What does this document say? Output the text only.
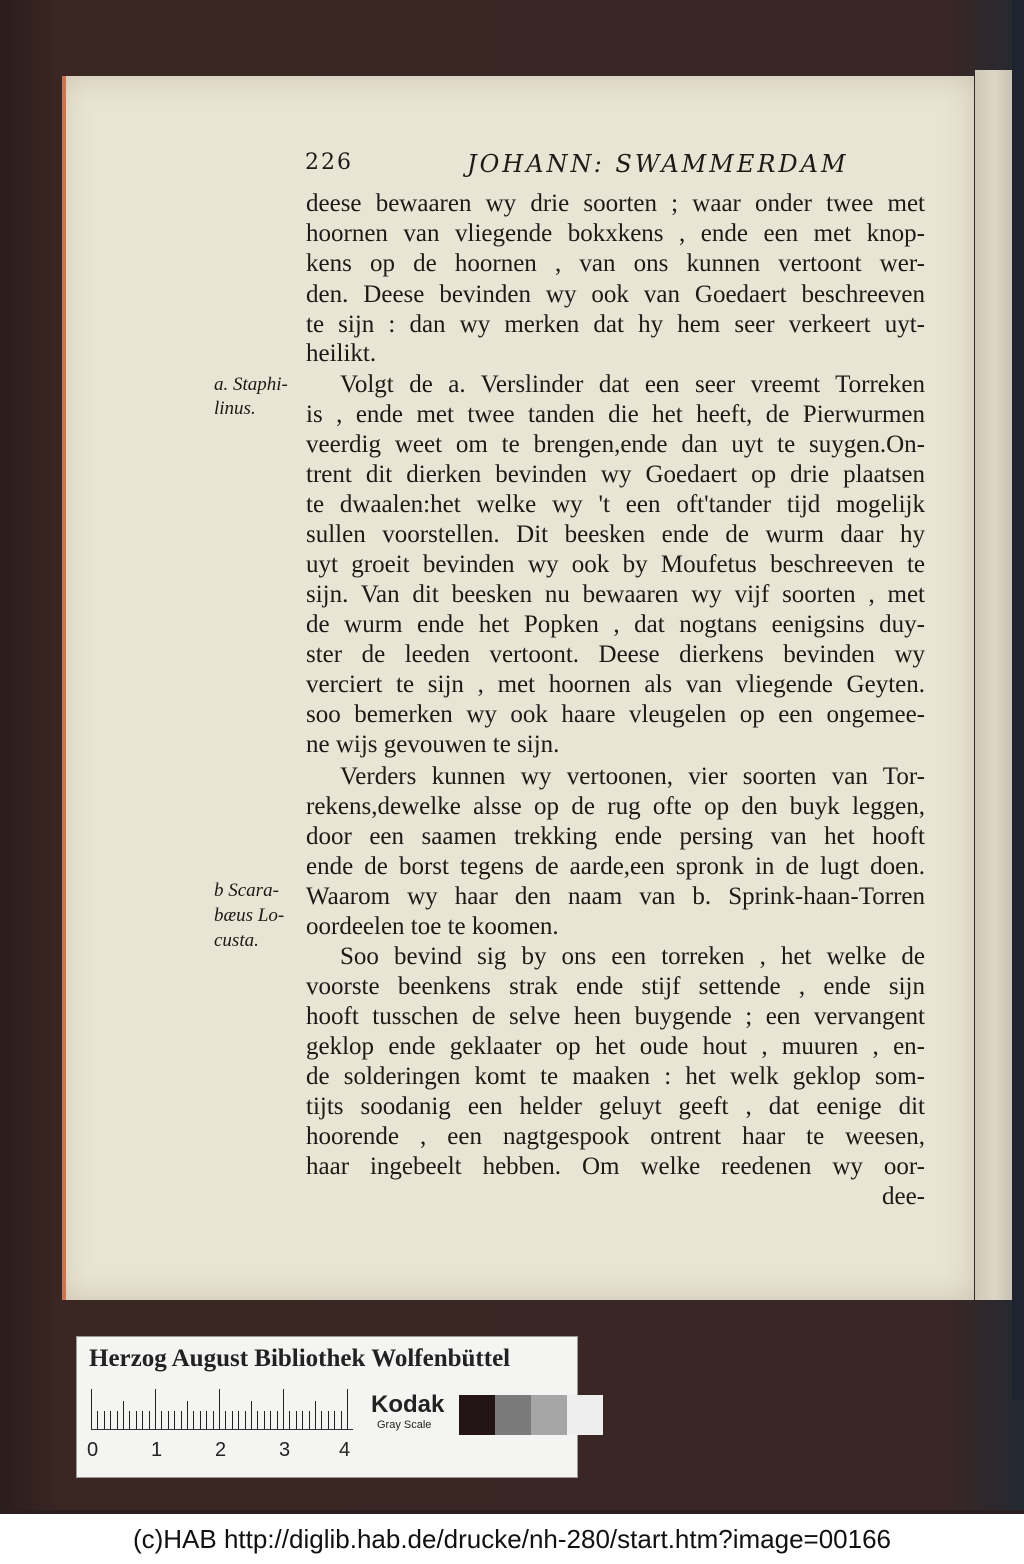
226	JOHANN: SWAMMERDAM
deese bewaaren wy drie soorten ; waar onder twee met
hoornen van vliegende bokxkens , ende een met knop-
kens op de hoornen , van ons kunnen vertoont wer-
den. Deese bevinden wy ook van Goedaert beschreeven
te sijn : dan wy merken dat hy hem seer verkeert uyt-
heilikt.
Volgt de a. Verslinder dat een seer vreemt Torreken
is , ende met twee tanden die het heeft, de Pierwurmen
veerdig weet om te brengen,ende dan uyt te suygen.On-
trent dit dierken bevinden wy Goedaert op drie plaatsen
te dwaalen:het welke wy 't een oft'tander tijd mogelijk
sullen voorstellen. Dit beesken ende de wurm daar hy
uyt groeit bevinden wy ook by Moufetus beschreeven te
sijn. Van dit beesken nu bewaaren wy vijf soorten , met
de wurm ende het Popken , dat nogtans eenigsins duy-
ster de leeden vertoont. Deese dierkens bevinden wy
verciert te sijn , met hoornen als van vliegende Geyten.
soo bemerken wy ook haare vleugelen op een ongemee-
ne wijs gevouwen te sijn.
Verders kunnen wy vertoonen, vier soorten van Tor-
rekens,dewelke alsse op de rug ofte op den buyk leggen,
door een saamen trekking ende persing van het hooft
ende de borst tegens de aarde,een spronk in de lugt doen.
Waarom wy haar den naam van b. Sprink-haan-Torren
oordeelen toe te koomen.
Soo bevind sig by ons een torreken , het welke de
voorste beenkens strak ende stijf settende , ende sijn
hooft tusschen de selve heen buygende ; een vervangent
geklop ende geklaater op het oude hout , muuren , en-
de solderingen komt te maaken : het welk geklop som-
tijts soodanig een helder geluyt geeft , dat eenige dit
hoorende , een nagtgespook ontrent haar te weesen,
haar ingebeelt hebben. Om welke reedenen wy oor-
dee-
a. Staphi-
linus.
b Scara-
bæus Lo-
custa.
Herzog August Bibliothek Wolfenbüttel
0	1	2	3 4
Kodak
Gray Scale
(c)HAB http://diglib.hab.de/drucke/nh-280/start.htm?image=00166
